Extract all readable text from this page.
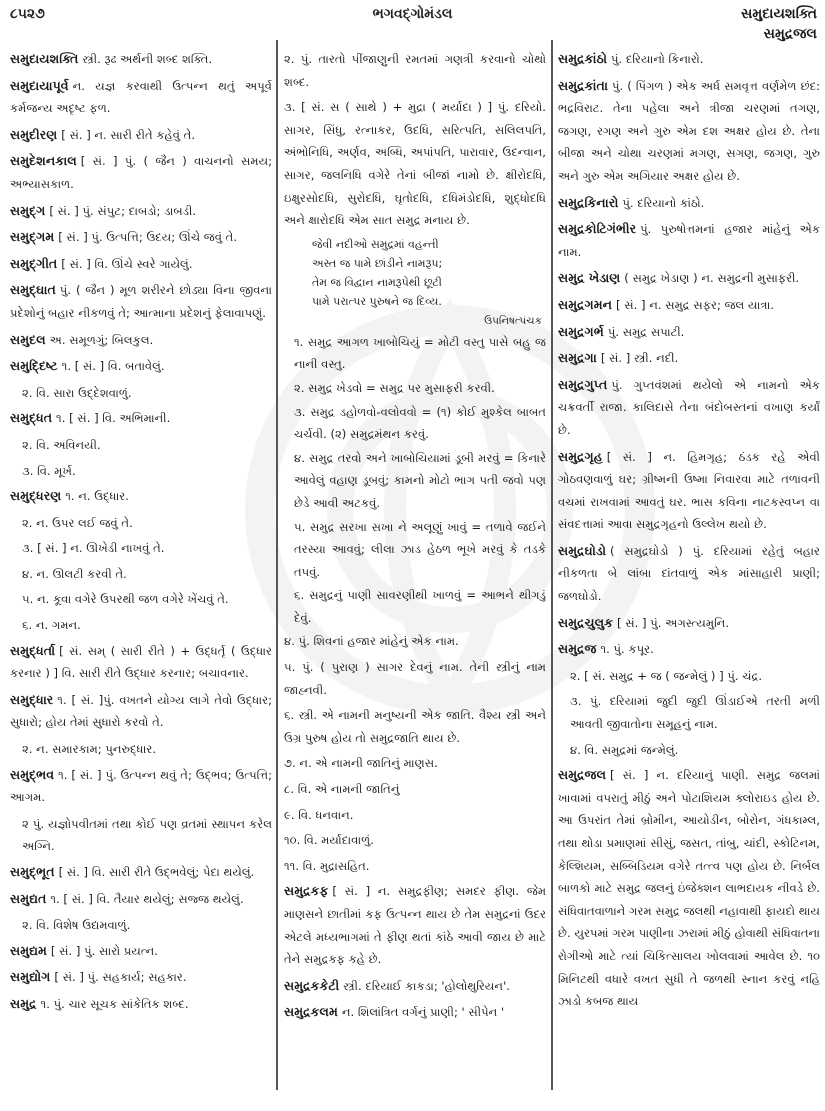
૮૫૨૭	ભગવદ્ગોમંડલ	સમુદાયશક્તિ
સમુદ્રજલ
સમુદાયશક્તિ સ્ત્રી. રૂઢ અર્થની શબ્દ શક્તિ.
સમુદાયાપૂર્વ ન. યજ્ઞ કરવાથી ઉત્પન્ન થતું અપૂર્વ કર્મજન્ય અદૃષ્ટ ફળ.
સમુદીરણ [ સં. ] ન. સારી રીતે કહેવું તે.
સમુદેશનકાલ [ સં. ] પું. ( જૈન ) વાચનનો સમય; અભ્યાસકાળ.
સમુદ્ગ [ સં. ] પું. સંપુટ; દાબડો; ડાબડી.
સમુદ્ગમ [ સં. ] પું. ઉત્પત્તિ; ઉદય; ઊંચે જવું તે.
સમુદ્ગીત [ સં. ] વિ. ઊંચે સ્વરે ગાયેલું.
સમુદ્ઘાત પું. ( જૈન ) મૂળ શરીરને છોડ્યા વિના જીવના પ્રદેશોનું બહાર નીકળવું તે; આત્માના પ્રદેશનું ફેલાવાપણું.
સમુદલ અ. સમૂળગું; બિલકુલ.
સમુદ્દિષ્ટ ૧. [ સં. ] વિ. બતાવેલું.
૨. વિ. સારા ઉદ્દેશવાળું.
સમુદ્ધત ૧. [ સં. ] વિ. અભિમાની.
૨. વિ. અવિનયી.
૩. વિ. મૂર્ખ.
સમુદ્ધરણ ૧. ન. ઉદ્ધાર.
૨. ન. ઉપર લઈ જવું તે.
૩. [ સં. ] ન. ઊખેડી નાખવું તે.
૪. ન. ઊલટી કરવી તે.
૫. ન. કૂવા વગેરે ઉપરથી જળ વગેરે ખેંચવું તે.
૬. ન. ગમન.
સમુદ્ધર્તા [ સં. સમ્ ( સારી રીતે ) + ઉદ્ધર્તૃ ( ઉદ્ધાર કરનાર ) ] વિ. સારી રીતે ઉદ્ધાર કરનાર; બચાવનાર.
સમુદ્ધાર ૧. [ સં. ]પું. વખતને યોગ્ય લાગે તેવો ઉદ્ધાર; સુધારો; હોય તેમાં સુધારો કરવો તે.
૨. ન. સમારકામ; પુનરુદ્ધાર.
સમુદ્ભવ ૧. [ સં. ] પું. ઉત્પન્ન થવું તે; ઉદ્ભવ; ઉત્પત્તિ; આગમ.
૨ પું. યજ્ઞોપવીતમાં તથા કોઈ પણ વ્રતમાં સ્થાપન કરેલ અગ્નિ.
સમુદ્ભૂત [ સં. ] વિ. સારી રીતે ઉદ્ભવેલું; પેદા થયેલું.
સમુદ્યત ૧. [ સં. ] વિ. તૈયાર થયેલું; સજ્જ થયેલું.
૨. વિ. વિશેષ ઉદ્યમવાળું.
સમુદ્યમ [ સં. ] પું. સારો પ્રયત્ન.
સમુદ્યોગ [ સં. ] પું. સહકાર્ય; સહકાર.
સમુદ્ર ૧. પું. ચાર સૂચક સાંકેતિક શબ્દ.
૨. પું. તારતો પીંજાણુની રમતમાં ગણત્રી કરવાનો ચોથો શબ્દ.
૩. [ સં. સ ( સાથે ) + મુદ્રા ( મર્યાદા ) ] પું. દરિયો. સાગર, સિંધુ, રત્નાકર, ઉદધિ, સરિત્પતિ, સલિલપતિ, અંભોનિધિ, અર્ણવ, અબ્ધિ, અપાંપતિ, પારાવાર, ઉદન્વાન, સાગર, જલનિધિ વગેરે તેનાં બીજાં નામો છે. ક્ષીરોદધિ, ઇક્ષુરસોદધિ, સુરોદધિ, ઘૃતોદધિ, દધિમંડોદધિ, શુદ્ધોદધિ અને ક્ષારોદધિ એમ સાત સમુદ્ર મનાય છે.
જેવી નદીઓ સમુદ્રમાં વહન્તી
અસ્ત જ પામે છાંડીને નામરૂપ;
તેમ જ વિદ્વાન નામરૂપેથી છૂટી
પામે પરાત્પર પુરુષને જ દિવ્ય.
ઉપનિષત્પંચક
૧. સમુદ્ર આગળ ખાબોચિયું = મોટી વસ્તુ પાસે બહુ જ નાની વસ્તુ.
૨. સમુદ્ર ખેડવો = સમુદ્ર પર મુસાફરી કરવી.
૩. સમુદ્ર ડહોળવો-વલોવવો = (૧) કોઈ મુશ્કેલ બાબત ચર્ચવી. (૨) સમુદ્રમંથન કરવું.
૪. સમુદ્ર તરવો અને ખાબોચિયામાં ડૂબી મરવું = કિનારે આવેલું વહાણ ડૂબવું; કામનો મોટો ભાગ પતી જવો પણ છેડે આવી અટકવું.
૫. સમુદ્ર સરખા સખા ને અલૂણું ખાવું = તળાવે જઈને તરસ્યા આવવું; લીલા ઝાડ હેઠળ ભૂખે મરવું કે તડકે તપવું.
૬. સમુદ્રનું પાણી સાવરણીથી ખાળવું = આભને થીગડું દેવું.
૪. પું. શિવનાં હજાર માંહેનું એક નામ.
૫. પું. ( પુરાણ ) સાગર દેવનું નામ. તેની સ્ત્રીનું નામ જાહ્નવી.
૬. સ્ત્રી. એ નામની મનુષ્યની એક જાતિ. વૈશ્ય સ્ત્રી અને ઉગ્ર પુરુષ હોય તો સમુદ્રજાતિ થાય છે.
૭. ન. એ નામની જાતિનું માણસ.
૮. વિ. એ નામની જાતિનું
૯. વિ. ધનવાન.
૧૦. વિ. મર્યાદાવાળું.
૧૧. વિ. મુદ્રાસહિત.
સમુદ્રકફ [ સં. ] ન. સમુદ્રફીણ; સમદર ફીણ. જેમ માણસને છાતીમાં કફ ઉત્પન્ન થાય છે તેમ સમુદ્રનાં ઉદર એટલે મધ્યભાગમાં તે ફીણ થતાં કાંઠે આવી જાય છે માટે તેને સમુદ્રકફ કહે છે.
સમુદ્રકકેટી સ્ત્રી. દરિયાઈ કાકડા; 'હોલોથુરિયન'.
સમુદ્રકલમ ન. શિલાંત્રિત વર્ગનું પ્રાણી; ' સીપેન '
સમુદ્રકાંઠો પું. દરિયાનો કિનારો.
સમુદ્રકાંતા પું. ( પિંગળ ) એક અર્ધ સમવૃત્ત વર્ણમેળ છંદ: ભદ્રવિરાટ. તેના પહેલા અને ત્રીજા ચરણમાં તગણ, જગણ, રગણ અને ગુરુ એમ દશ અક્ષર હોય છે. તેના બીજા અને ચોથા ચરણમાં મગણ, સગણ, જગણ, ગુરુ અને ગુરુ એમ અગિયાર અક્ષર હોય છે.
સમુદ્રકિનારો પું. દરિયાનો કાંઠો.
સમુદ્રકોટિગંભીર પું. પુરુષોત્તમનાં હજાર માંહેનું એક નામ.
સમુદ્ર ખેડાણ ( સમુદ્ર ખેડાણ ) ન. સમુદ્રની મુસાફરી.
સમુદ્રગમન [ સં. ] ન. સમુદ્ર સફર; જલ યાત્રા.
સમુદ્રગર્ભ પું. સમુદ્ર સપાટી.
સમુદ્રગા [ સં. ] સ્ત્રી. નદી.
સમુદ્રગુપ્ત પું. ગુપ્તવંશમાં થયેલો એ નામનો એક ચક્રવર્તી રાજા. કાલિદાસે તેના બંદોબસ્તનાં વખાણ કર્યાં છે.
સમુદ્રગૃહ [ સં. ] ન. હિમગૃહ; ઠંડક રહે એવી ગોઠવણવાળું ઘર; ગ્રીષ્મની ઉષ્મા નિવારવા માટે તળાવની વચમાં રાખવામાં આવતું ઘર. ભાસ કવિના નાટકસ્વપ્ન વા સંવદત્તામાં આવા સમુદ્રગૃહનો ઉલ્લેખ થયો છે.
સમુદ્રઘોડો ( સમુદ્રઘોડો ) પું. દરિયામાં રહેતું બહાર નીકળતા બે લાંબા દાંતવાળું એક માંસાહારી પ્રાણી; જળઘોડો.
સમુદ્રચુલુક [ સં. ] પું. અગસ્ત્યમુનિ.
સમુદ્રજ ૧. પું. કપૂર.
૨. [ સં. સમુદ્ર + જ ( જન્મેલું ) ] પું. ચંદ્ર.
૩. પું. દરિયામાં જુદી જુદી ઊંડાઈએ તરતી મળી આવતી જીવાતોના સમૂહનું નામ.
૪. વિ. સમુદ્રમાં જન્મેલું.
સમુદ્રજલ [ સં. ] ન. દરિયાનું પાણી. સમુદ્ર જલમાં ખાવામાં વપરાતું મીઠું અને પોટાશિયમ ક્લોરાઇડ હોય છે. આ ઉપરાંત તેમાં બ્રોમીન, આયોડીન, બોરોન, ગંધકામ્લ, તથા થોડા પ્રમાણમાં સીસું, જસત, તાંબુ, ચાંદી, સ્કોટિનમ, કેલ્શિયમ, સબ્બિડિયમ વગેરે તત્ત્વ પણ હોય છે. નિર્બલ બાળકો માટે સમુદ્ર જલનું ઇંજેક્શન લાભદાયક નીવડે છે. સંધિવાતવાળાને ગરમ સમુદ્ર જલથી નહાવાથી ફાયદો થાય છે. યુરપમાં ગરમ પાણીના ઝરામાં મીઠું હોવાથી સંધિવાતના રોગીઓ માટે ત્યાં ચિકિત્સાલય ખોલવામાં આવેલ છે. ૧૦ મિનિટથી વધારે વખત સુધી તે જળથી સ્નાન કરવું નહિ ઝાડો કબજ થાય
